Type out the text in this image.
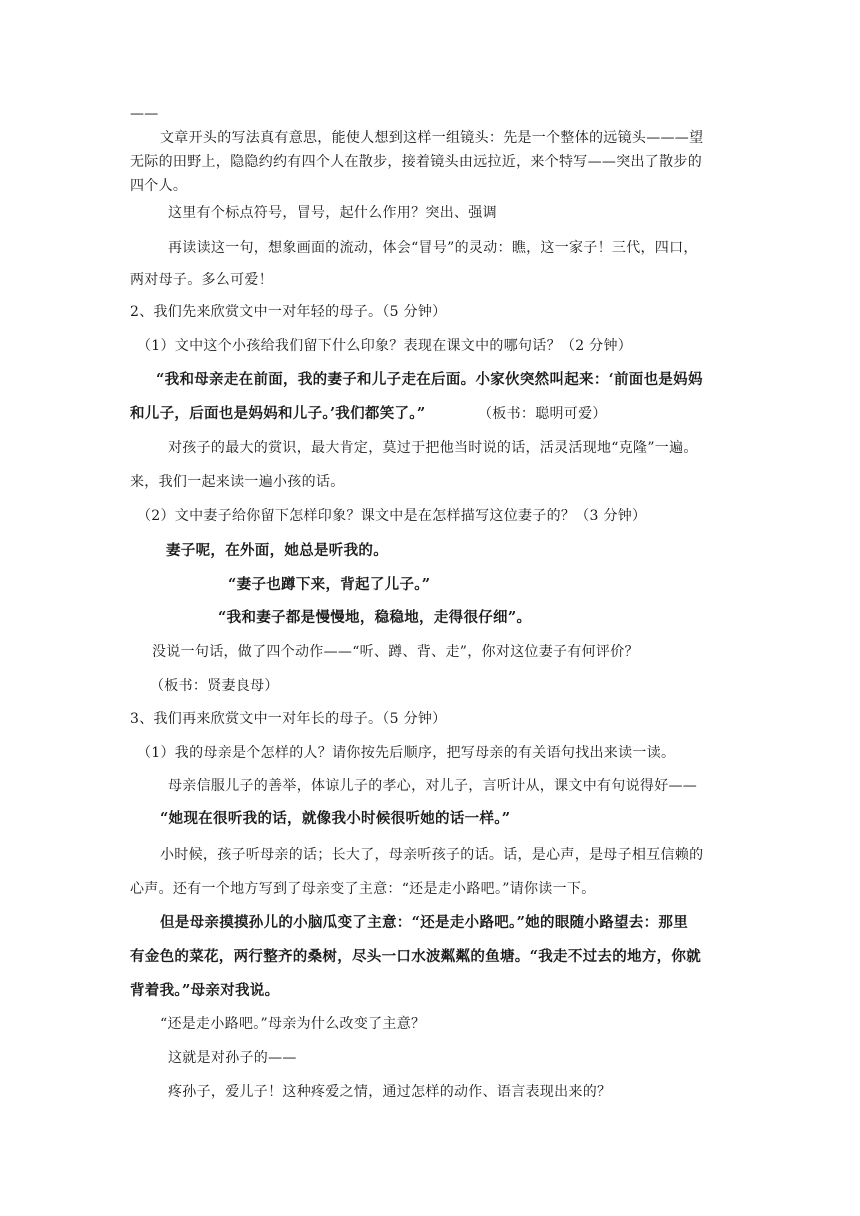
——
文章开头的写法真有意思，能使人想到这样一组镜头：先是一个整体的远镜头———望
无际的田野上，隐隐约约有四个人在散步，接着镜头由远拉近，来个特写——突出了散步的
四个人。
这里有个标点符号，冒号，起什么作用？突出、强调
再读读这一句，想象画面的流动，体会“冒号”的灵动：瞧，这一家子！三代，四口，
两对母子。多么可爱！
2、我们先来欣赏文中一对年轻的母子。（5 分钟）
（1）文中这个小孩给我们留下什么印象？表现在课文中的哪句话？（2 分钟）
“我和母亲走在前面，我的妻子和儿子走在后面。小家伙突然叫起来：‘前面也是妈妈
和儿子，后面也是妈妈和儿子。’我们都笑了。”	（板书：聪明可爱）
对孩子的最大的赏识，最大肯定，莫过于把他当时说的话，活灵活现地“克隆”一遍。
来，我们一起来读一遍小孩的话。
（2）文中妻子给你留下怎样印象？课文中是在怎样描写这位妻子的？（3 分钟）
妻子呢，在外面，她总是听我的。
“妻子也蹲下来，背起了儿子。”
“我和妻子都是慢慢地，稳稳地，走得很仔细”。
没说一句话，做了四个动作——“听、蹲、背、走”，你对这位妻子有何评价？
（板书：贤妻良母）
3、我们再来欣赏文中一对年长的母子。（5 分钟）
（1）我的母亲是个怎样的人？请你按先后顺序，把写母亲的有关语句找出来读一读。
母亲信服儿子的善举，体谅儿子的孝心，对儿子，言听计从，课文中有句说得好——
“她现在很听我的话，就像我小时候很听她的话一样。”
小时候，孩子听母亲的话；长大了，母亲听孩子的话。话，是心声，是母子相互信赖的
心声。还有一个地方写到了母亲变了主意：“还是走小路吧。”请你读一下。
但是母亲摸摸孙儿的小脑瓜变了主意：“还是走小路吧。”她的眼随小路望去：那里
有金色的菜花，两行整齐的桑树，尽头一口水波粼粼的鱼塘。“我走不过去的地方，你就
背着我。”母亲对我说。
“还是走小路吧。”母亲为什么改变了主意？
这就是对孙子的——
疼孙子，爱儿子！这种疼爱之情，通过怎样的动作、语言表现出来的？
